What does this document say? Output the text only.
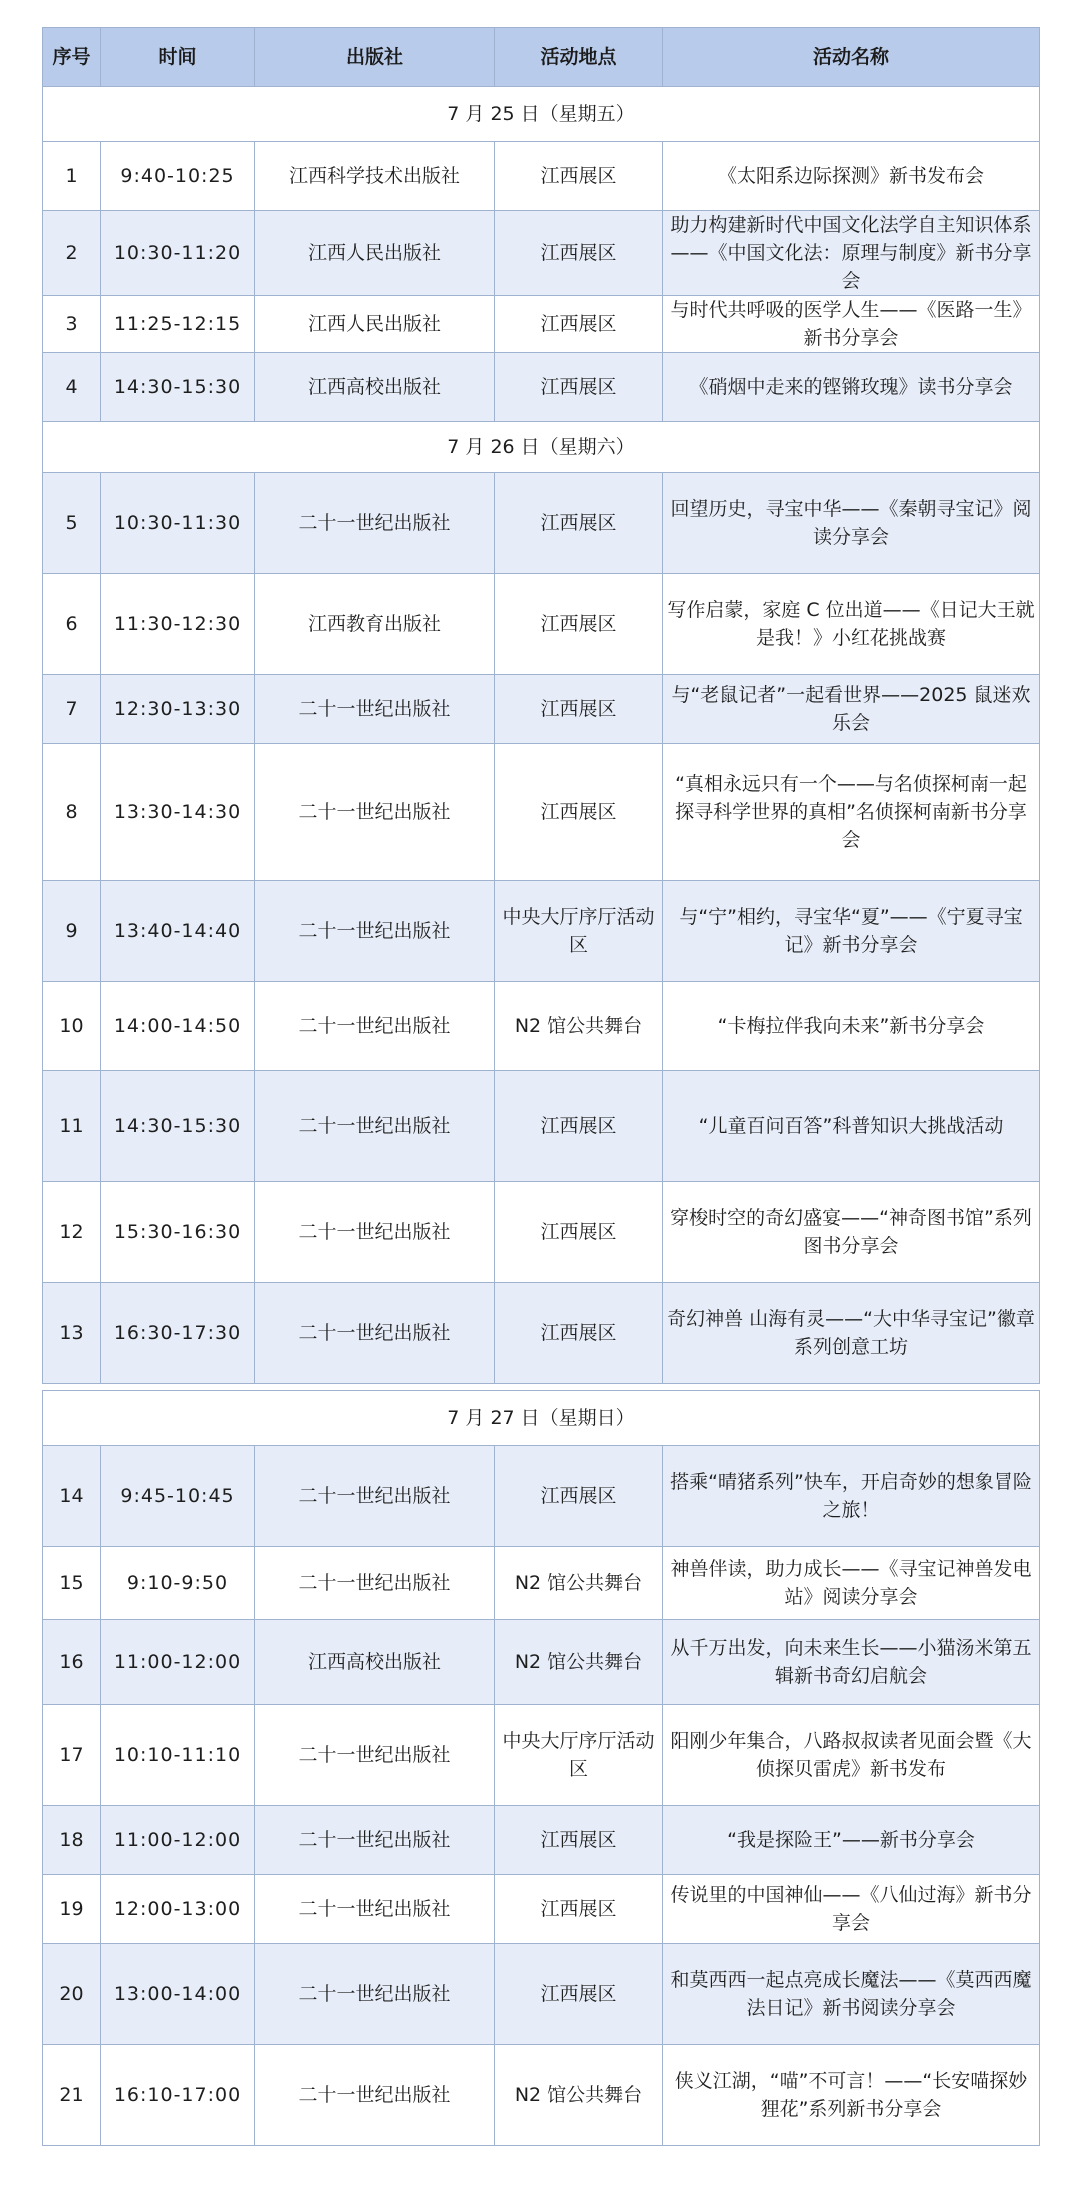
序号	时间	出版社	活动地点	活动名称
7 月 25 日（星期五）				
1	9:40-10:25	江西科学技术出版社	江西展区	《太阳系边际探测》新书发布会
2	10:30-11:20	江西人民出版社	江西展区	助力构建新时代中国文化法学自主知识体系——《中国文化法：原理与制度》新书分享会
3	11:25-12:15	江西人民出版社	江西展区	与时代共呼吸的医学人生——《医路一生》新书分享会
4	14:30-15:30	江西高校出版社	江西展区	《硝烟中走来的铿锵玫瑰》读书分享会
7 月 26 日（星期六）				
5	10:30-11:30	二十一世纪出版社	江西展区	回望历史，寻宝中华——《秦朝寻宝记》阅读分享会
6	11:30-12:30	江西教育出版社	江西展区	写作启蒙，家庭 C 位出道——《日记大王就是我！》小红花挑战赛
7	12:30-13:30	二十一世纪出版社	江西展区	与“老鼠记者”一起看世界——2025 鼠迷欢乐会
8	13:30-14:30	二十一世纪出版社	江西展区	“真相永远只有一个——与名侦探柯南一起探寻科学世界的真相”名侦探柯南新书分享会
9	13:40-14:40	二十一世纪出版社	中央大厅序厅活动区	与“宁”相约，寻宝华“夏”——《宁夏寻宝记》新书分享会
10	14:00-14:50	二十一世纪出版社	N2 馆公共舞台	“卡梅拉伴我向未来”新书分享会
11	14:30-15:30	二十一世纪出版社	江西展区	“儿童百问百答”科普知识大挑战活动
12	15:30-16:30	二十一世纪出版社	江西展区	穿梭时空的奇幻盛宴——“神奇图书馆”系列图书分享会
13	16:30-17:30	二十一世纪出版社	江西展区	奇幻神兽 山海有灵——“大中华寻宝记”徽章系列创意工坊
7 月 27 日（星期日）				
14	9:45-10:45	二十一世纪出版社	江西展区	搭乘“晴猪系列”快车，开启奇妙的想象冒险之旅！
15	9:10-9:50	二十一世纪出版社	N2 馆公共舞台	神兽伴读，助力成长——《寻宝记神兽发电站》阅读分享会
16	11:00-12:00	江西高校出版社	N2 馆公共舞台	从千万出发，向未来生长——小猫汤米第五辑新书奇幻启航会
17	10:10-11:10	二十一世纪出版社	中央大厅序厅活动区	阳刚少年集合，八路叔叔读者见面会暨《大侦探贝雷虎》新书发布
18	11:00-12:00	二十一世纪出版社	江西展区	“我是探险王”——新书分享会
19	12:00-13:00	二十一世纪出版社	江西展区	传说里的中国神仙——《八仙过海》新书分享会
20	13:00-14:00	二十一世纪出版社	江西展区	和莫西西一起点亮成长魔法——《莫西西魔法日记》新书阅读分享会
21	16:10-17:00	二十一世纪出版社	N2 馆公共舞台	侠义江湖，“喵”不可言！——“长安喵探妙狸花”系列新书分享会
